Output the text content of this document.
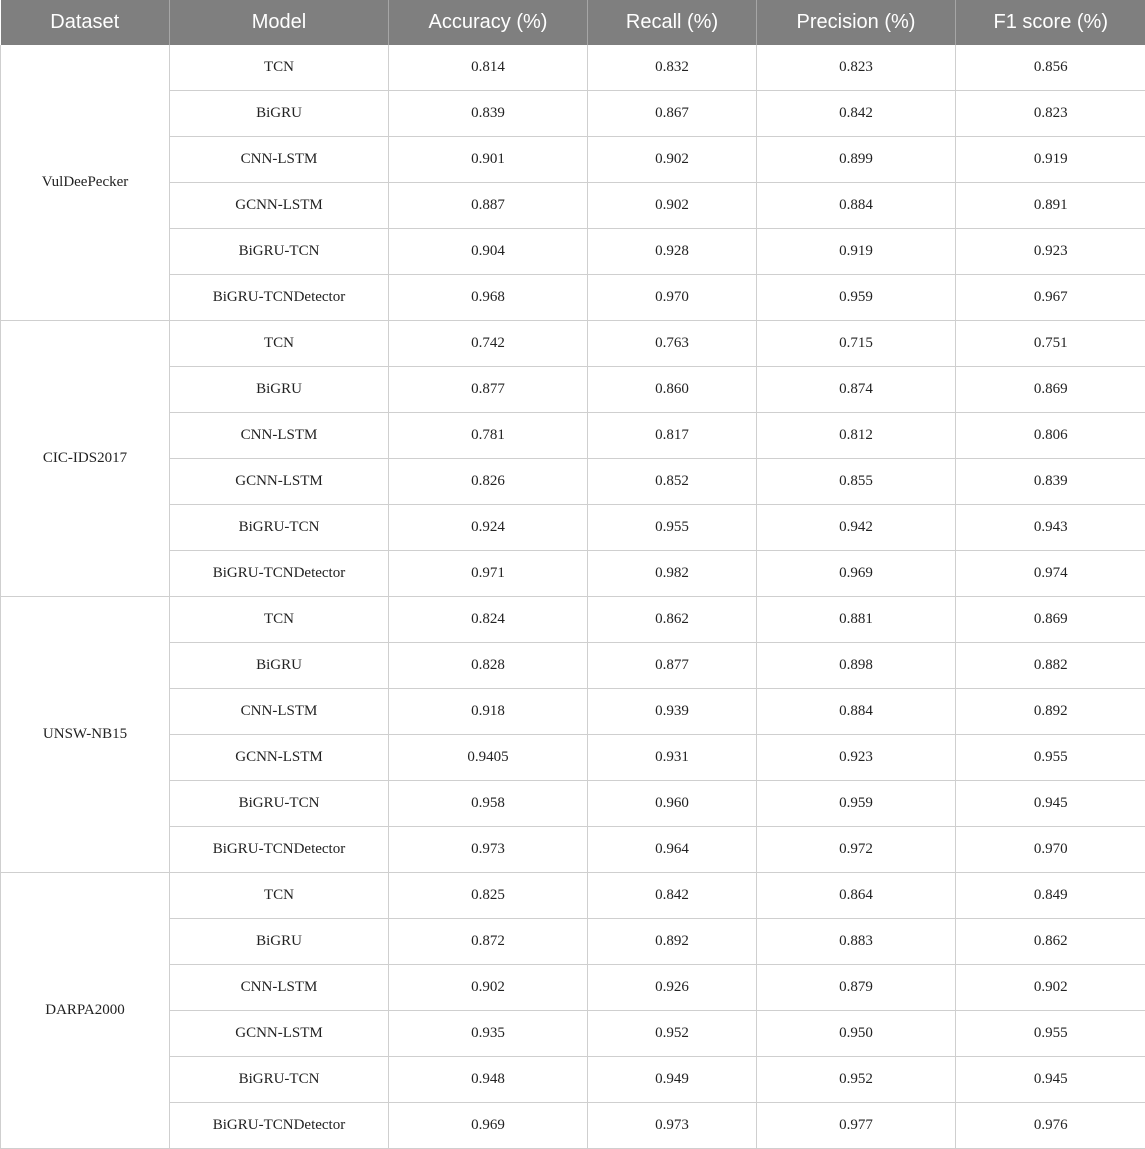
Dataset	Model	Accuracy (%)	Recall (%)	Precision (%)	F1 score (%)
VulDeePecker	TCN	0.814	0.832	0.823	0.856
	BiGRU	0.839	0.867	0.842	0.823
	CNN-LSTM	0.901	0.902	0.899	0.919
	GCNN-LSTM	0.887	0.902	0.884	0.891
	BiGRU-TCN	0.904	0.928	0.919	0.923
	BiGRU-TCNDetector	0.968	0.970	0.959	0.967
CIC-IDS2017	TCN	0.742	0.763	0.715	0.751
	BiGRU	0.877	0.860	0.874	0.869
	CNN-LSTM	0.781	0.817	0.812	0.806
	GCNN-LSTM	0.826	0.852	0.855	0.839
	BiGRU-TCN	0.924	0.955	0.942	0.943
	BiGRU-TCNDetector	0.971	0.982	0.969	0.974
UNSW-NB15	TCN	0.824	0.862	0.881	0.869
	BiGRU	0.828	0.877	0.898	0.882
	CNN-LSTM	0.918	0.939	0.884	0.892
	GCNN-LSTM	0.9405	0.931	0.923	0.955
	BiGRU-TCN	0.958	0.960	0.959	0.945
	BiGRU-TCNDetector	0.973	0.964	0.972	0.970
DARPA2000	TCN	0.825	0.842	0.864	0.849
	BiGRU	0.872	0.892	0.883	0.862
	CNN-LSTM	0.902	0.926	0.879	0.902
	GCNN-LSTM	0.935	0.952	0.950	0.955
	BiGRU-TCN	0.948	0.949	0.952	0.945
	BiGRU-TCNDetector	0.969	0.973	0.977	0.976
